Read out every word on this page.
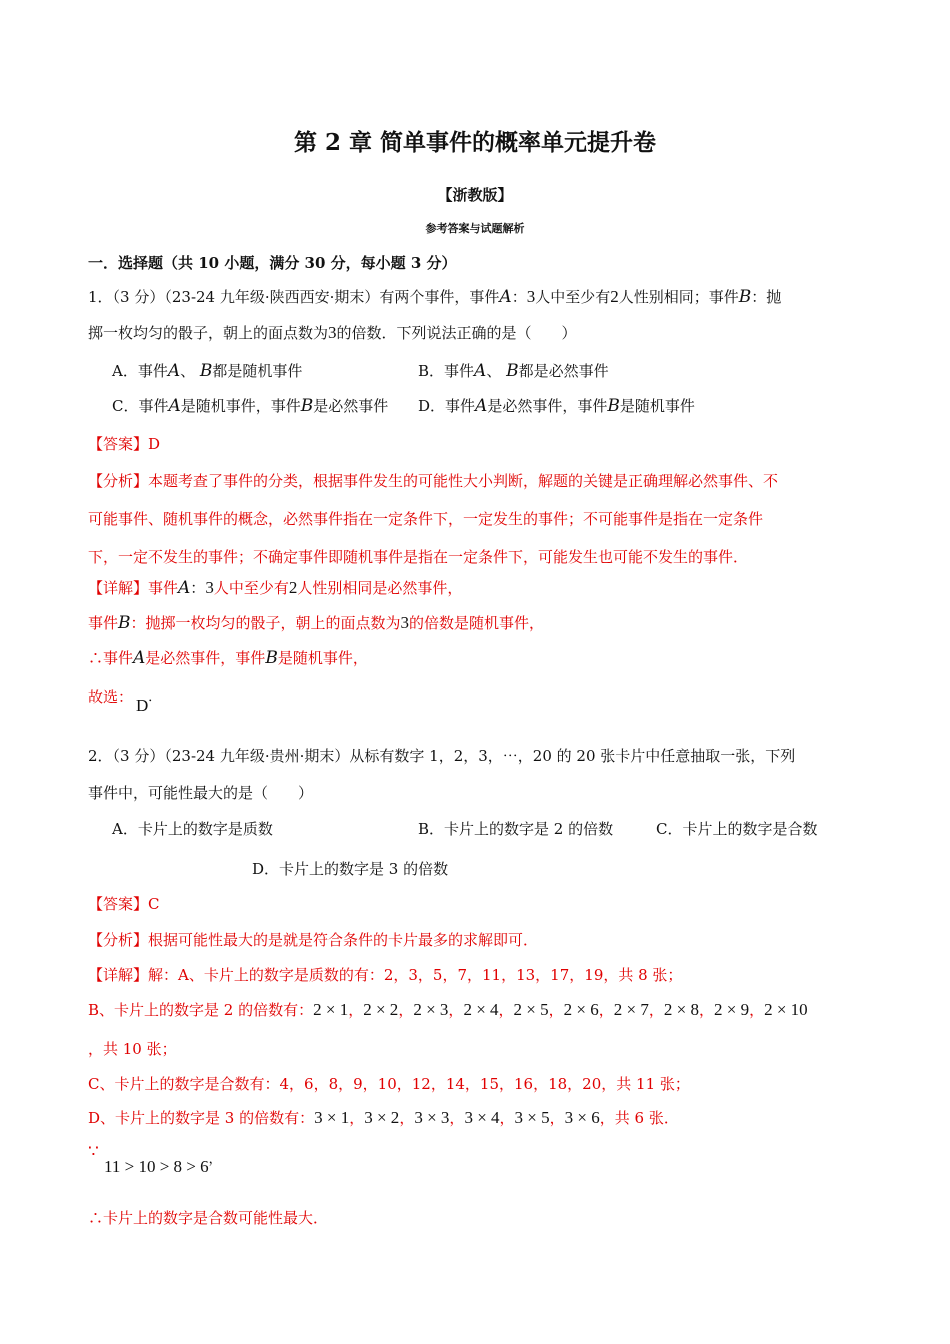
第 2 章 简单事件的概率单元提升卷
【浙教版】
参考答案与试题解析
一．选择题（共 10 小题，满分 30 分，每小题 3 分）
1．（3 分）（23-24 九年级·陕西西安·期末）有两个事件，事件A：3人中至少有2人性别相同；事件B：抛
掷一枚均匀的骰子，朝上的面点数为3的倍数．下列说法正确的是（　　）
A．事件A、 B都是随机事件	B．事件A、 B都是必然事件
C．事件A是随机事件，事件B是必然事件 D．事件A是必然事件，事件B是随机事件
【答案】D
【分析】本题考查了事件的分类，根据事件发生的可能性大小判断，解题的关键是正确理解必然事件、不
可能事件、随机事件的概念，必然事件指在一定条件下，一定发生的事件；不可能事件是指在一定条件
下，一定不发生的事件；不确定事件即随机事件是指在一定条件下，可能发生也可能不发生的事件．
【详解】事件A：3人中至少有2人性别相同是必然事件，
事件B：抛掷一枚均匀的骰子，朝上的面点数为3的倍数是随机事件，
∴事件A是必然事件，事件B是随机事件，
故选： D．
2．（3 分）（23-24 九年级·贵州·期末）从标有数字 1，2，3，⋯，20 的 20 张卡片中任意抽取一张，下列
事件中，可能性最大的是（　　）
A．卡片上的数字是质数	B．卡片上的数字是 2 的倍数	C．卡片上的数字是合数
D．卡片上的数字是 3 的倍数
【答案】C
【分析】根据可能性最大的是就是符合条件的卡片最多的求解即可．
【详解】解：A、卡片上的数字是质数的有：2，3，5，7，11，13，17，19，共 8 张；
B、卡片上的数字是 2 的倍数有：2 × 1，2 × 2，2 × 3，2 × 4，2 × 5，2 × 6，2 × 7，2 × 8，2 × 9，2 × 10
，共 10 张；
C、卡片上的数字是合数有：4，6，8，9，10，12，14，15，16，18，20，共 11 张；
D、卡片上的数字是 3 的倍数有：3 × 1，3 × 2，3 × 3，3 × 4，3 × 5，3 × 6，共 6 张．
∵
11 > 10 > 8 > 6，
∴卡片上的数字是合数可能性最大．
